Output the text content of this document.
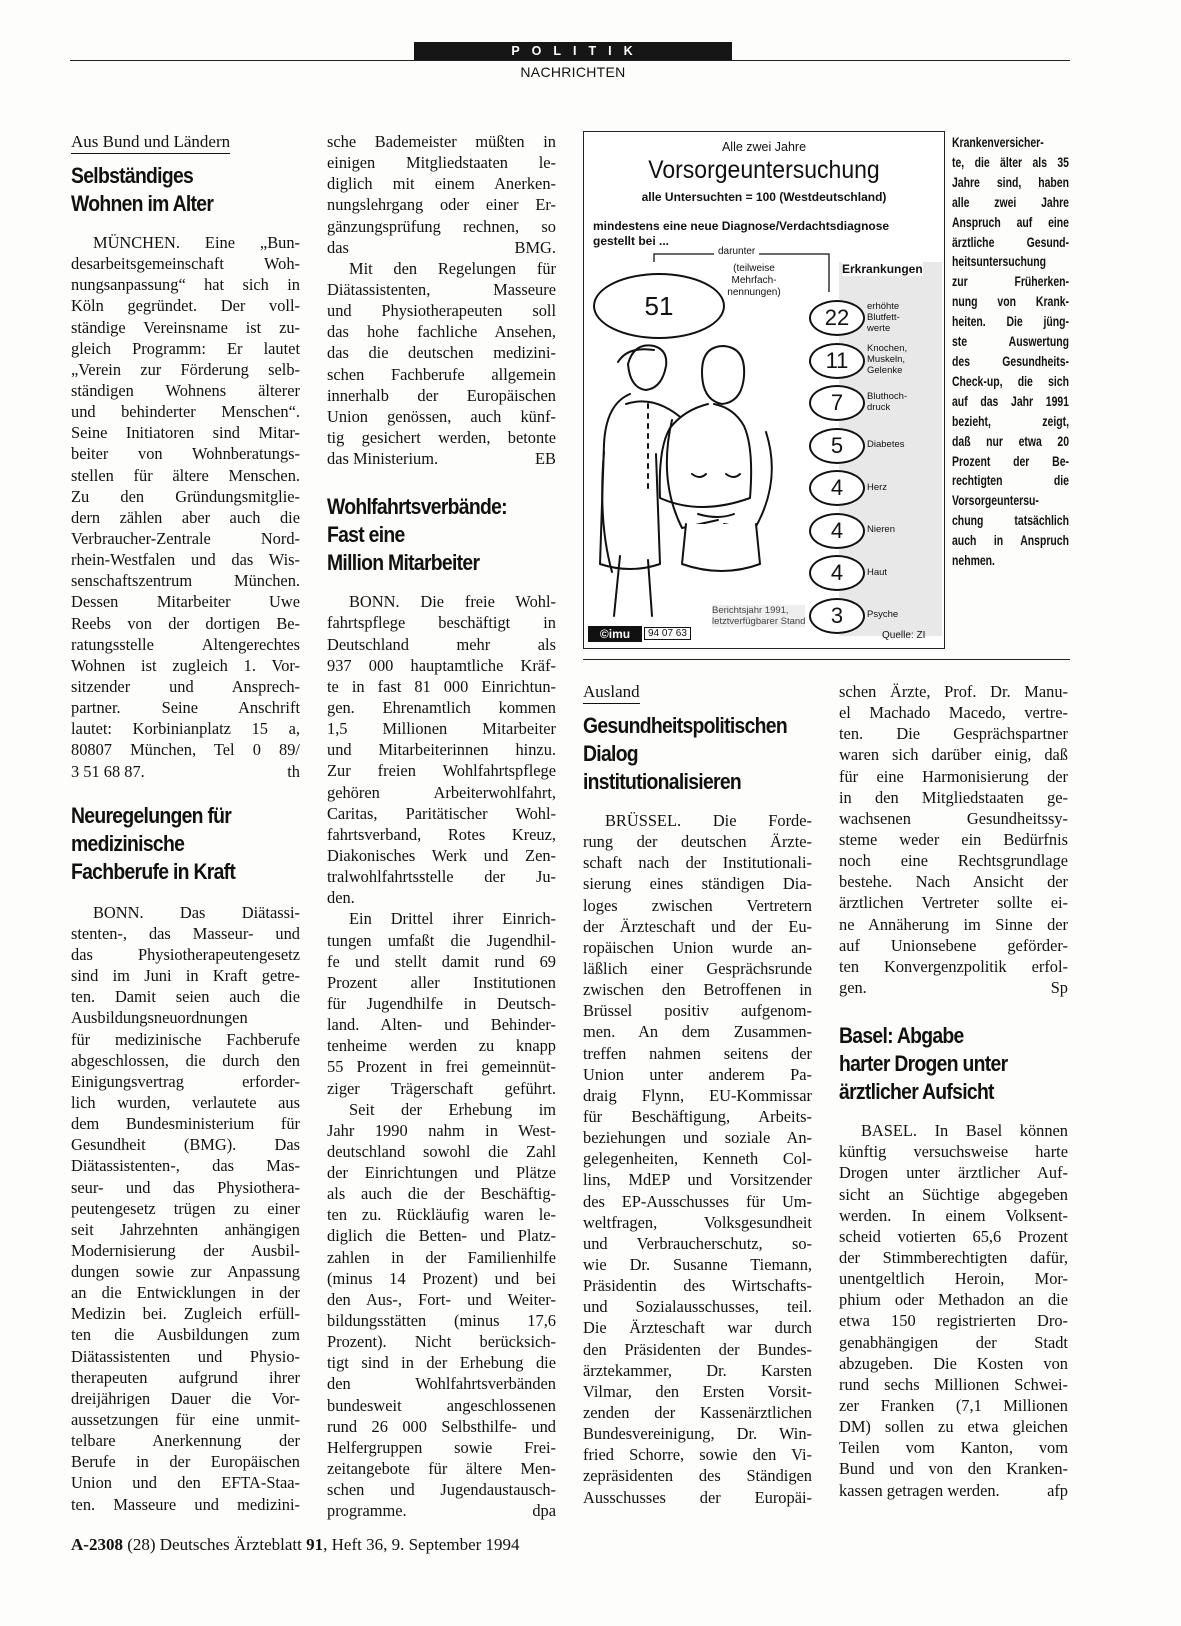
POLITIK
NACHRICHTEN
Aus Bund und Ländern

Selbständiges
Wohnen im Alter

MÜNCHEN. Eine „Bun-

desarbeitsgemeinschaft Woh-

nungsanpassung“ hat sich in

Köln gegründet. Der voll-

ständige Vereinsname ist zu-

gleich Programm: Er lautet

„Verein zur Förderung selb-

ständigen Wohnens älterer

und behinderter Menschen“.

Seine Initiatoren sind Mitar-

beiter von Wohnberatungs-

stellen für ältere Menschen.

Zu den Gründungsmitglie-

dern zählen aber auch die

Verbraucher-Zentrale Nord-

rhein-Westfalen und das Wis-

senschaftszentrum München.

Dessen Mitarbeiter Uwe

Reebs von der dortigen Be-

ratungsstelle Altengerechtes

Wohnen ist zugleich 1. Vor-

sitzender und Ansprech-

partner. Seine Anschrift

lautet: Korbinianplatz 15 a,

80807 München, Tel 0 89/

3 51 68 87.	th

Neuregelungen für
medizinische
Fachberufe in Kraft

BONN. Das Diätassi-

stenten-, das Masseur- und

das Physiotherapeutengesetz

sind im Juni in Kraft getre-

ten. Damit seien auch die

Ausbildungsneuordnungen

für medizinische Fachberufe

abgeschlossen, die durch den

Einigungsvertrag erforder-

lich wurden, verlautete aus

dem Bundesministerium für

Gesundheit (BMG). Das

Diätassistenten-, das Mas-

seur- und das Physiothera-

peutengesetz trügen zu einer

seit Jahrzehnten anhängigen

Modernisierung der Ausbil-

dungen sowie zur Anpassung

an die Entwicklungen in der

Medizin bei. Zugleich erfüll-

ten die Ausbildungen zum

Diätassistenten und Physio-

therapeuten aufgrund ihrer

dreijährigen Dauer die Vor-

aussetzungen für eine unmit-

telbare Anerkennung der

Berufe in der Europäischen

Union und den EFTA-Staa-

ten. Masseure und medizini-

sche Bademeister müßten in

einigen Mitgliedstaaten le-

diglich mit einem Anerken-

nungslehrgang oder einer Er-

gänzungsprüfung rechnen, so

das BMG.

Mit den Regelungen für

Diätassistenten, Masseure

und Physiotherapeuten soll

das hohe fachliche Ansehen,

das die deutschen medizini-

schen Fachberufe allgemein

innerhalb der Europäischen

Union genössen, auch künf-

tig gesichert werden, betonte

das Ministerium.	EB

Wohlfahrtsverbände:
Fast eine
Million Mitarbeiter

BONN. Die freie Wohl-

fahrtspflege beschäftigt in

Deutschland mehr als

937 000 hauptamtliche Kräf-

te in fast 81 000 Einrichtun-

gen. Ehrenamtlich kommen

1,5 Millionen Mitarbeiter

und Mitarbeiterinnen hinzu.

Zur freien Wohlfahrtspflege

gehören Arbeiterwohlfahrt,

Caritas, Paritätischer Wohl-

fahrtsverband, Rotes Kreuz,

Diakonisches Werk und Zen-

tralwohlfahrtsstelle der Ju-

den.

Ein Drittel ihrer Einrich-

tungen umfaßt die Jugendhil-

fe und stellt damit rund 69

Prozent aller Institutionen

für Jugendhilfe in Deutsch-

land. Alten- und Behinder-

tenheime werden zu knapp

55 Prozent in frei gemeinnüt-

ziger Trägerschaft geführt.

Seit der Erhebung im

Jahr 1990 nahm in West-

deutschland sowohl die Zahl

der Einrichtungen und Plätze

als auch die der Beschäftig-

ten zu. Rückläufig waren le-

diglich die Betten- und Platz-

zahlen in der Familienhilfe

(minus 14 Prozent) und bei

den Aus-, Fort- und Weiter-

bildungsstätten (minus 17,6

Prozent). Nicht berücksich-

tigt sind in der Erhebung die

den Wohlfahrtsverbänden

bundesweit angeschlossenen

rund 26 000 Selbsthilfe- und

Helfergruppen sowie Frei-

zeitangebote für ältere Men-

schen und Jugendaustausch-

programme.	dpa

Alle zwei Jahre
Vorsorgeuntersuchung
alle Untersuchten = 100 (Westdeutschland)
mindestens eine neue Diagnose/Verdachtsdiagnose
gestellt bei ...
darunter
(teilweise
Mehrfach-
nennungen)
Erkrankungen
51	22	erhöhte
Blutfett-
werte
11	Knochen,
Muskeln,
Gelenke
7	Bluthoch-
druck
5	Diabetes
4	Herz
4	Nieren
4	Haut
3	Psyche
Berichtsjahr 1991,
letztverfügbarer Stand
©imu	94 07 63	Quelle: ZI
Krankenversicher-
te, die älter als 35
Jahre sind, haben
alle zwei Jahre
Anspruch auf eine
ärztliche Gesund-
heitsuntersuchung
zur Früherken-
nung von Krank-
heiten. Die jüng-
ste Auswertung
des Gesundheits-
Check-up, die sich
auf das Jahr 1991
bezieht, zeigt,
daß nur etwa 20
Prozent der Be-
rechtigten die
Vorsorgeuntersu-
chung tatsächlich
auch in Anspruch
nehmen.
Ausland

Gesundheitspolitischen
Dialog
institutionalisieren

BRÜSSEL. Die Forde-

rung der deutschen Ärzte-

schaft nach der Institutionali-

sierung eines ständigen Dia-

loges zwischen Vertretern

der Ärzteschaft und der Eu-

ropäischen Union wurde an-

läßlich einer Gesprächsrunde

zwischen den Betroffenen in

Brüssel positiv aufgenom-

men. An dem Zusammen-

treffen nahmen seitens der

Union unter anderem Pa-

draig Flynn, EU-Kommissar

für Beschäftigung, Arbeits-

beziehungen und soziale An-

gelegenheiten, Kenneth Col-

lins, MdEP und Vorsitzender

des EP-Ausschusses für Um-

weltfragen, Volksgesundheit

und Verbraucherschutz, so-

wie Dr. Susanne Tiemann,

Präsidentin des Wirtschafts-

und Sozialausschusses, teil.

Die Ärzteschaft war durch

den Präsidenten der Bundes-

ärztekammer, Dr. Karsten

Vilmar, den Ersten Vorsit-

zenden der Kassenärztlichen

Bundesvereinigung, Dr. Win-

fried Schorre, sowie den Vi-

zepräsidenten des Ständigen

Ausschusses der Europäi-

schen Ärzte, Prof. Dr. Manu-

el Machado Macedo, vertre-

ten. Die Gesprächspartner

waren sich darüber einig, daß

für eine Harmonisierung der

in den Mitgliedstaaten ge-

wachsenen Gesundheitssy-

steme weder ein Bedürfnis

noch eine Rechtsgrundlage

bestehe. Nach Ansicht der

ärztlichen Vertreter sollte ei-

ne Annäherung im Sinne der

auf Unionsebene geförder-

ten Konvergenzpolitik erfol-

gen.	Sp

Basel: Abgabe
harter Drogen unter
ärztlicher Aufsicht

BASEL. In Basel können

künftig versuchsweise harte

Drogen unter ärztlicher Auf-

sicht an Süchtige abgegeben

werden. In einem Volksent-

scheid votierten 65,6 Prozent

der Stimmberechtigten dafür,

unentgeltlich Heroin, Mor-

phium oder Methadon an die

etwa 150 registrierten Dro-

genabhängigen der Stadt

abzugeben. Die Kosten von

rund sechs Millionen Schwei-

zer Franken (7,1 Millionen

DM) sollen zu etwa gleichen

Teilen vom Kanton, vom

Bund und von den Kranken-

kassen getragen werden.	afp

A-2308 (28) Deutsches Ärzteblatt 91, Heft 36, 9. September 1994
